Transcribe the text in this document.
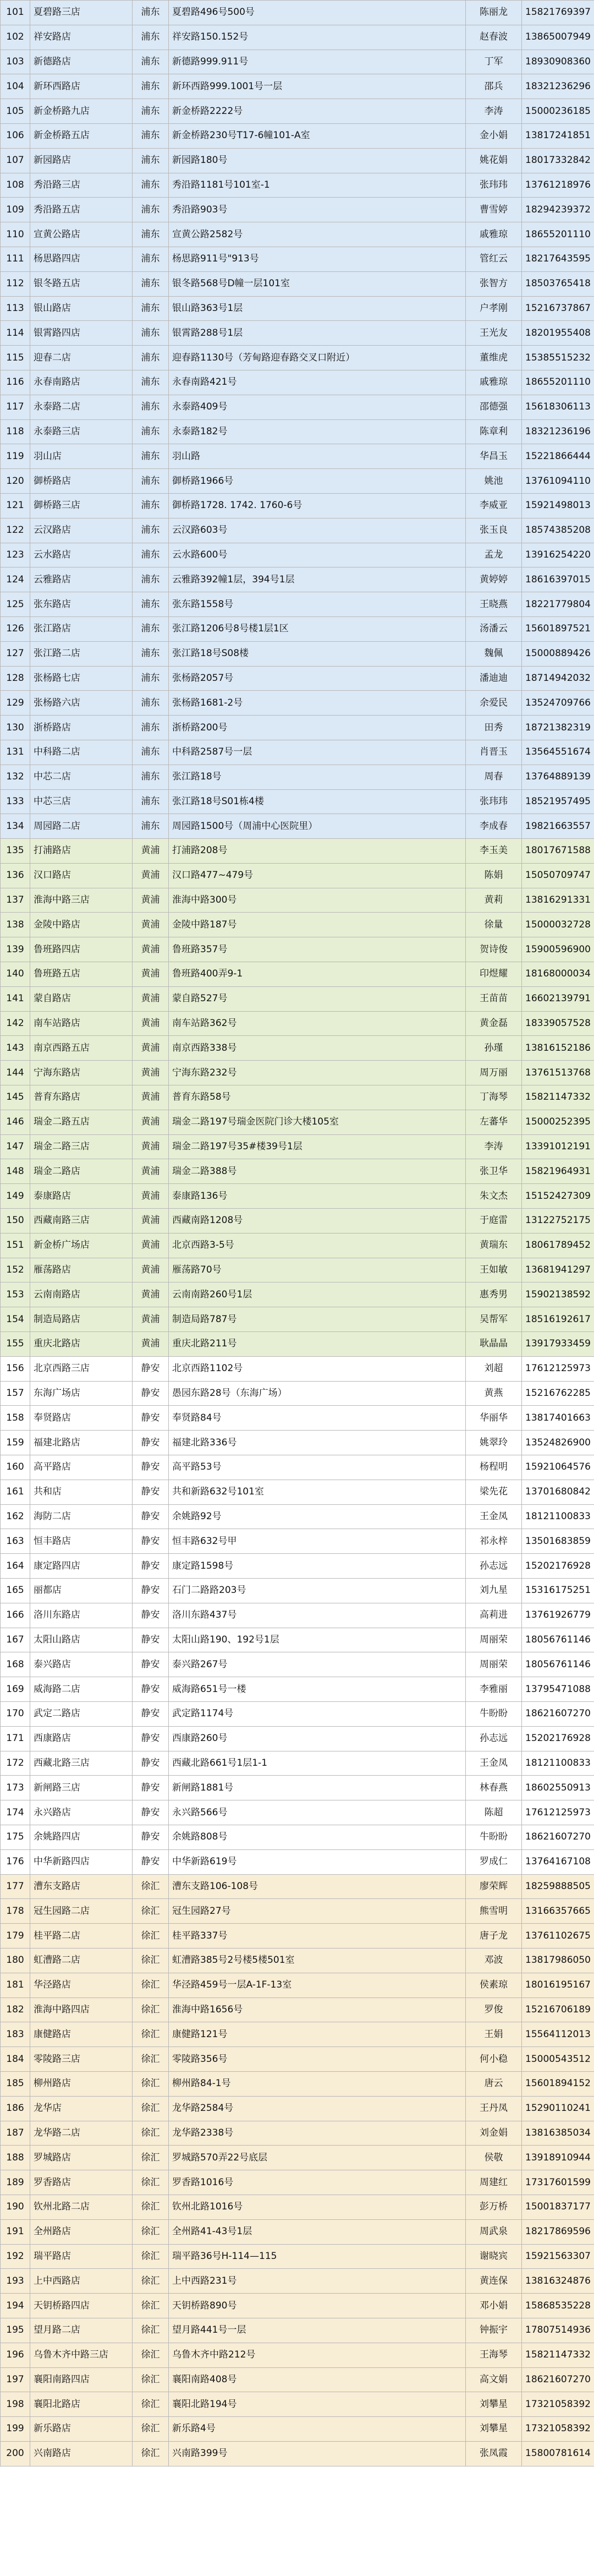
101	夏碧路三店	浦东	夏碧路496号500号	陈丽龙	15821769397
102	祥安路店	浦东	祥安路150.152号	赵春波	13865007949
103	新德路店	浦东	新德路999.911号	丁军	18930908360
104	新环西路店	浦东	新环西路999.1001号一层	邵兵	18321236296
105	新金桥路九店	浦东	新金桥路2222号	李涛	15000236185
106	新金桥路五店	浦东	新金桥路230号T17-6幢101-A室	金小娟	13817241851
107	新园路店	浦东	新园路180号	姚花娟	18017332842
108	秀沿路三店	浦东	秀沿路1181号101室-1	张玮玮	13761218976
109	秀沿路五店	浦东	秀沿路903号	曹雪婷	18294239372
110	宣黄公路店	浦东	宣黄公路2582号	戚雅琼	18655201110
111	杨思路四店	浦东	杨思路911号"913号	管红云	18217643595
112	银冬路五店	浦东	银冬路568号D幢一层101室	张智方	18503765418
113	银山路店	浦东	银山路363号1层	户孝刚	15216737867
114	银霄路四店	浦东	银霄路288号1层	王光友	18201955408
115	迎春二店	浦东	迎春路1130号（芳甸路迎春路交叉口附近）	董维虎	15385515232
116	永春南路店	浦东	永春南路421号	戚雅琼	18655201110
117	永泰路二店	浦东	永泰路409号	邵德强	15618306113
118	永泰路三店	浦东	永泰路182号	陈章利	18321236196
119	羽山店	浦东	羽山路	华昌玉	15221866444
120	御桥路店	浦东	御桥路1966号	姚池	13761094110
121	御桥路三店	浦东	御桥路1728. 1742. 1760-6号	李威亚	15921498013
122	云汉路店	浦东	云汉路603号	张玉良	18574385208
123	云水路店	浦东	云水路600号	孟龙	13916254220
124	云雅路店	浦东	云雅路392幢1层，394号1层	黄婷婷	18616397015
125	张东路店	浦东	张东路1558号	王晓燕	18221779804
126	张江路店	浦东	张江路1206号8号楼1层1区	汤潘云	15601897521
127	张江路二店	浦东	张江路18号S08楼	魏佩	15000889426
128	张杨路七店	浦东	张杨路2057号	潘迪迪	18714942032
129	张杨路六店	浦东	张杨路1681-2号	余爱民	13524709766
130	浙桥路店	浦东	浙桥路200号	田秀	18721382319
131	中科路二店	浦东	中科路2587号一层	肖晋玉	13564551674
132	中芯二店	浦东	张江路18号	周春	13764889139
133	中芯三店	浦东	张江路18号S01栋4楼	张玮玮	18521957495
134	周园路二店	浦东	周园路1500号（周浦中心医院里）	李成春	19821663557
135	打浦路店	黄浦	打浦路208号	李玉美	18017671588
136	汉口路店	黄浦	汉口路477~479号	陈娟	15050709747
137	淮海中路三店	黄浦	淮海中路300号	黄莉	13816291331
138	金陵中路店	黄浦	金陵中路187号	徐量	15000032728
139	鲁班路四店	黄浦	鲁班路357号	贺诗俊	15900596900
140	鲁班路五店	黄浦	鲁班路400弄9-1	印煜耀	18168000034
141	蒙自路店	黄浦	蒙自路527号	王苗苗	16602139791
142	南车站路店	黄浦	南车站路362号	黄金磊	18339057528
143	南京西路五店	黄浦	南京西路338号	孙瑾	13816152186
144	宁海东路店	黄浦	宁海东路232号	周万丽	13761513768
145	普育东路店	黄浦	普育东路58号	丁海琴	15821147332
146	瑞金二路五店	黄浦	瑞金二路197号瑞金医院门诊大楼105室	左蕃华	15000252395
147	瑞金二路三店	黄浦	瑞金二路197号35#楼39号1层	李涛	13391012191
148	瑞金二路店	黄浦	瑞金二路388号	张卫华	15821964931
149	泰康路店	黄浦	泰康路136号	朱文杰	15152427309
150	西藏南路三店	黄浦	西藏南路1208号	于庭雷	13122752175
151	新金桥广场店	黄浦	北京西路3-5号	黄瑞东	18061789452
152	雁荡路店	黄浦	雁荡路70号	王如敏	13681941297
153	云南南路店	黄浦	云南南路260号1层	惠秀男	15902138592
154	制造局路店	黄浦	制造局路787号	吴帮军	18516192617
155	重庆北路店	黄浦	重庆北路211号	耿晶晶	13917933459
156	北京西路三店	静安	北京西路1102号	刘超	17612125973
157	东海广场店	静安	愚园东路28号（东海广场）	黄燕	15216762285
158	奉贤路店	静安	奉贤路84号	华丽华	13817401663
159	福建北路店	静安	福建北路336号	姚翠玲	13524826900
160	高平路店	静安	高平路53号	杨程明	15921064576
161	共和店	静安	共和新路632号101室	梁先花	13701680842
162	海防二店	静安	余姚路92号	王金凤	18121100833
163	恒丰路店	静安	恒丰路632号甲	祁永梓	13501683859
164	康定路四店	静安	康定路1598号	孙志远	15202176928
165	丽都店	静安	石门二路路203号	刘九星	15316175251
166	洛川东路店	静安	洛川东路437号	高莉进	13761926779
167	太阳山路店	静安	太阳山路190、192号1层	周丽荣	18056761146
168	泰兴路店	静安	泰兴路267号	周丽荣	18056761146
169	威海路二店	静安	威海路651号一楼	李雅丽	13795471088
170	武定二路店	静安	武定路1174号	牛盼盼	18621607270
171	西康路店	静安	西康路260号	孙志远	15202176928
172	西藏北路三店	静安	西藏北路661号1层1-1	王金凤	18121100833
173	新闸路三店	静安	新闸路1881号	林春燕	18602550913
174	永兴路店	静安	永兴路566号	陈超	17612125973
175	余姚路四店	静安	余姚路808号	牛盼盼	18621607270
176	中华新路四店	静安	中华新路619号	罗成仁	13764167108
177	漕东支路店	徐汇	漕东支路106-108号	廖荣辉	18259888505
178	冠生园路二店	徐汇	冠生园路27号	熊雪明	13166357665
179	桂平路二店	徐汇	桂平路337号	唐子龙	13761102675
180	虹漕路二店	徐汇	虹漕路385号2号楼5楼501室	邓波	13817986050
181	华泾路店	徐汇	华泾路459号一层A-1F-13室	侯素琼	18016195167
182	淮海中路四店	徐汇	淮海中路1656号	罗俊	15216706189
183	康健路店	徐汇	康健路121号	王娟	15564112013
184	零陵路三店	徐汇	零陵路356号	何小稳	15000543512
185	柳州路店	徐汇	柳州路84-1号	唐云	15601894152
186	龙华店	徐汇	龙华路2584号	王丹凤	15290110241
187	龙华路二店	徐汇	龙华路2338号	刘金娟	13816385034
188	罗城路店	徐汇	罗城路570弄22号底层	侯敬	13918910944
189	罗香路店	徐汇	罗香路1016号	周建红	17317601599
190	钦州北路二店	徐汇	钦州北路1016号	彭万桥	15001837177
191	全州路店	徐汇	全州路41-43号1层	周武泉	18217869596
192	瑞平路店	徐汇	瑞平路36号H-114—115	谢晓宾	15921563307
193	上中西路店	徐汇	上中西路231号	黄连保	13816324876
194	天钥桥路四店	徐汇	天钥桥路890号	邓小娟	15868535228
195	望月路二店	徐汇	望月路441号一层	钟振宇	17807514936
196	乌鲁木齐中路三店	徐汇	乌鲁木齐中路212号	王海琴	15821147332
197	襄阳南路四店	徐汇	襄阳南路408号	高文娟	18621607270
198	襄阳北路店	徐汇	襄阳北路194号	刘攀星	17321058392
199	新乐路店	徐汇	新乐路4号	刘攀星	17321058392
200	兴南路店	徐汇	兴南路399号	张凤霞	15800781614
